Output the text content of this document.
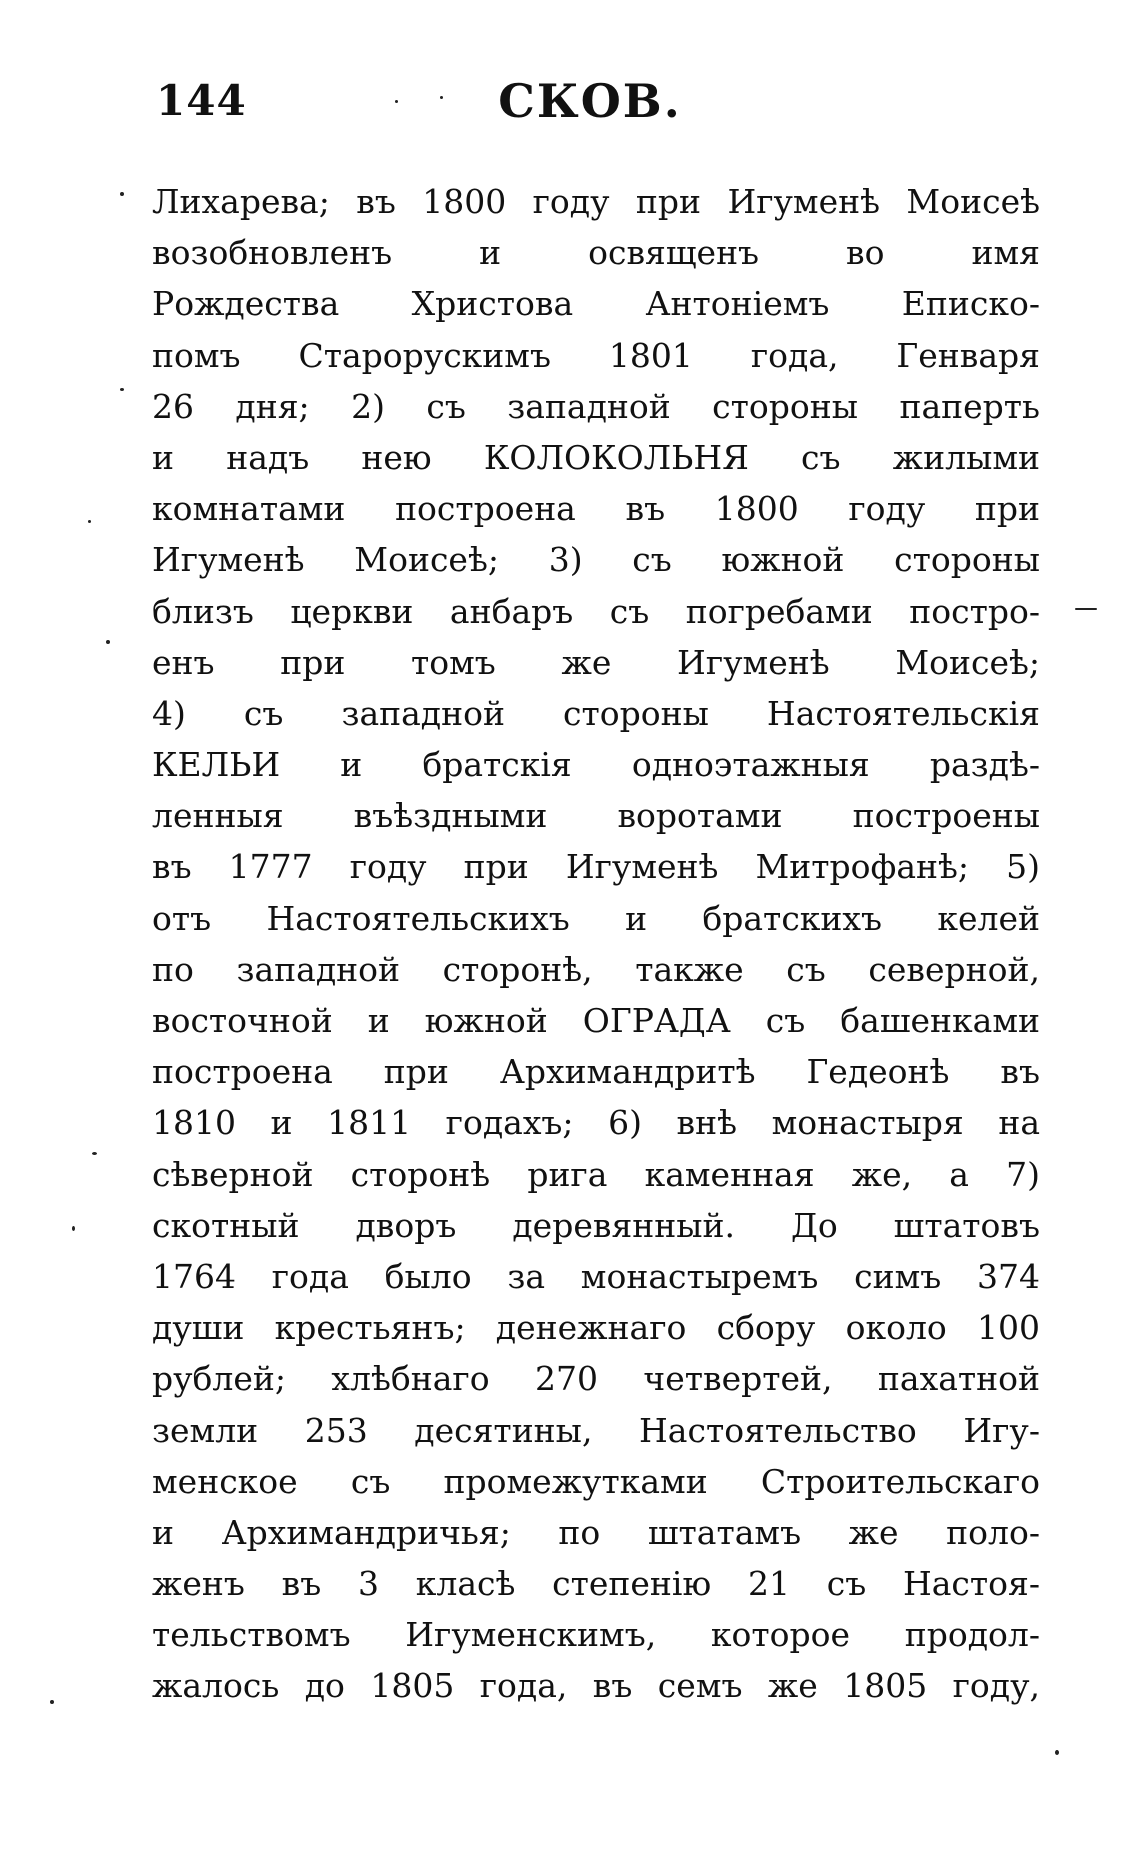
144	СКОВ.
Лихарева; въ 1800 году при Игуменѣ Моисеѣ
возобновленъ и освященъ во имя
Рождества Христова Антоніемъ Еписко-
помъ Старорускимъ 1801 года, Генваря
26 дня; 2) съ западной стороны паперть
и надъ нею КОЛОКОЛЬНЯ съ жилыми
комнатами построена въ 1800 году при
Игуменѣ Моисеѣ; 3) съ южной стороны
близъ церкви анбаръ съ погребами постро-
енъ при томъ же Игуменѣ Моисеѣ;
4) съ западной стороны Настоятельскія
КЕЛЬИ и братскія одноэтажныя раздѣ-
ленныя въѣздными воротами построены
въ 1777 году при Игуменѣ Митрофанѣ; 5)
отъ Настоятельскихъ и братскихъ келей
по западной сторонѣ, также съ северной,
восточной и южной ОГРАДА съ башенками
построена при Архимандритѣ Гедеонѣ въ
1810 и 1811 годахъ; 6) внѣ монастыря на
сѣверной сторонѣ рига каменная же, а 7)
скотный дворъ деревянный. До штатовъ
1764 года было за монастыремъ симъ 374
души крестьянъ; денежнаго сбору около 100
рублей; хлѣбнаго 270 четвертей, пахатной
земли 253 десятины, Настоятельство Игу-
менское съ промежутками Строительскаго
и Архимандричья; по штатамъ же поло-
женъ въ 3 класѣ степенію 21 съ Настоя-
тельствомъ Игуменскимъ, которое продол-
жалось до 1805 года, въ семъ же 1805 году,
